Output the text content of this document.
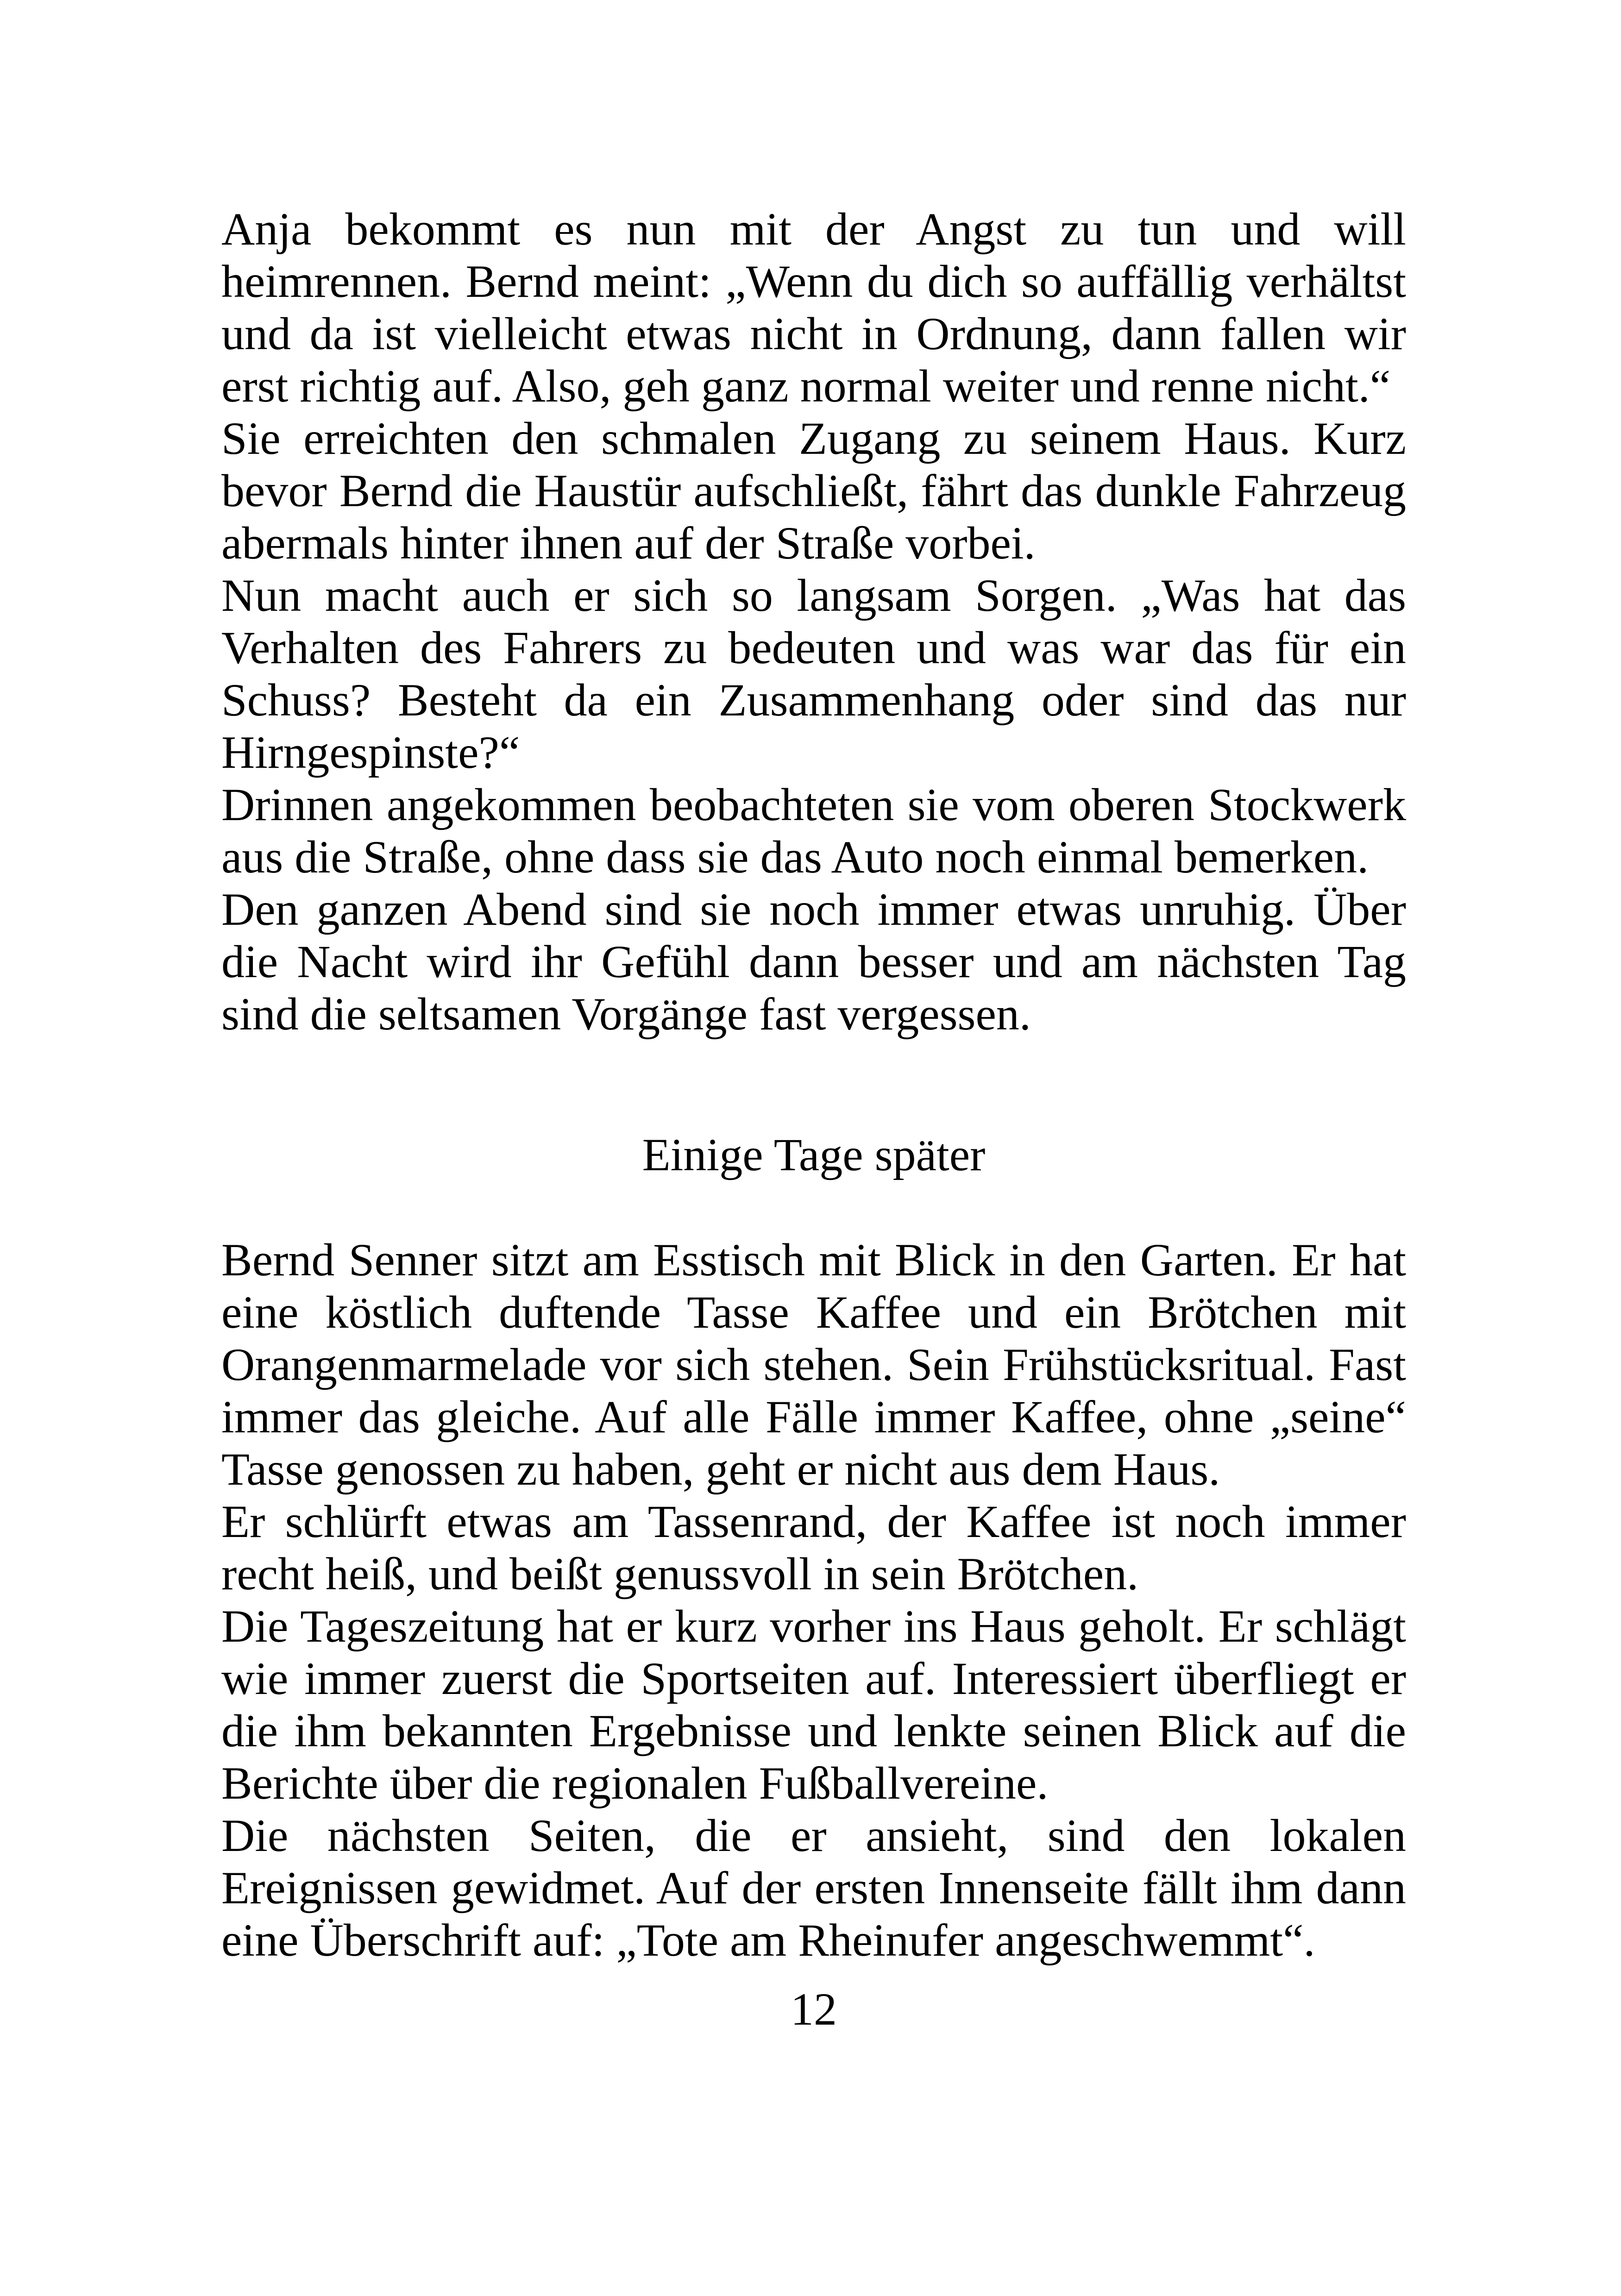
Anja bekommt es nun mit der Angst zu tun und will
heimrennen. Bernd meint: „Wenn du dich so auffällig verhältst
und da ist vielleicht etwas nicht in Ordnung, dann fallen wir
erst richtig auf. Also, geh ganz normal weiter und renne nicht.“
Sie erreichten den schmalen Zugang zu seinem Haus. Kurz
bevor Bernd die Haustür aufschließt, fährt das dunkle Fahrzeug
abermals hinter ihnen auf der Straße vorbei.
Nun macht auch er sich so langsam Sorgen. „Was hat das
Verhalten des Fahrers zu bedeuten und was war das für ein
Schuss? Besteht da ein Zusammenhang oder sind das nur
Hirngespinste?“
Drinnen angekommen beobachteten sie vom oberen Stockwerk
aus die Straße, ohne dass sie das Auto noch einmal bemerken.
Den ganzen Abend sind sie noch immer etwas unruhig. Über
die Nacht wird ihr Gefühl dann besser und am nächsten Tag
sind die seltsamen Vorgänge fast vergessen.
Einige Tage später
Bernd Senner sitzt am Esstisch mit Blick in den Garten. Er hat
eine köstlich duftende Tasse Kaffee und ein Brötchen mit
Orangenmarmelade vor sich stehen. Sein Frühstücksritual. Fast
immer das gleiche. Auf alle Fälle immer Kaffee, ohne „seine“
Tasse genossen zu haben, geht er nicht aus dem Haus.
Er schlürft etwas am Tassenrand, der Kaffee ist noch immer
recht heiß, und beißt genussvoll in sein Brötchen.
Die Tageszeitung hat er kurz vorher ins Haus geholt. Er schlägt
wie immer zuerst die Sportseiten auf. Interessiert überfliegt er
die ihm bekannten Ergebnisse und lenkte seinen Blick auf die
Berichte über die regionalen Fußballvereine.
Die nächsten Seiten, die er ansieht, sind den lokalen
Ereignissen gewidmet. Auf der ersten Innenseite fällt ihm dann
eine Überschrift auf: „Tote am Rheinufer angeschwemmt“.
12
